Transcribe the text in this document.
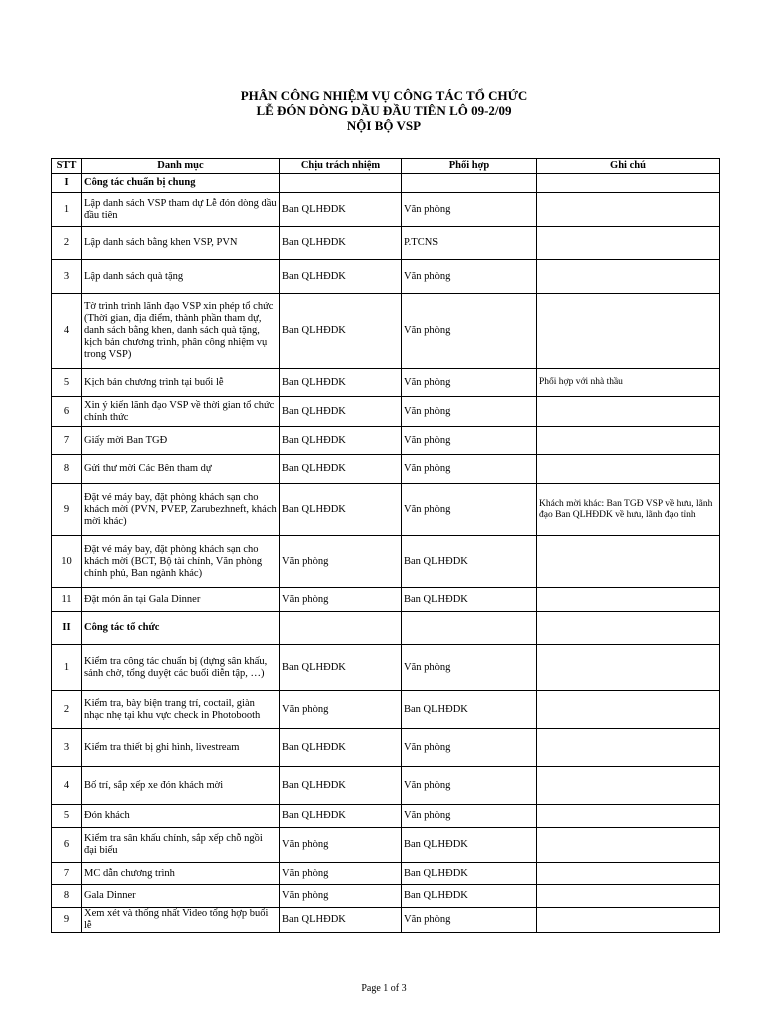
PHÂN CÔNG NHIỆM VỤ CÔNG TÁC TỔ CHỨC
LỄ ĐÓN DÒNG DẦU ĐẦU TIÊN LÔ 09-2/09
NỘI BỘ VSP
STT	Danh mục	Chịu trách nhiệm	Phối hợp	Ghi chú
I	Công tác chuẩn bị chung			
1	Lập danh sách VSP tham dự Lễ đón dòng dầu đầu tiên	Ban QLHĐDK	Văn phòng	
2	Lập danh sách bằng khen VSP, PVN	Ban QLHĐDK	P.TCNS	
3	Lập danh sách quà tặng	Ban QLHĐDK	Văn phòng	
4	Tờ trình trình lãnh đạo VSP xin phép tổ chức (Thời gian, địa điểm, thành phần tham dự, danh sách bằng khen, danh sách quà tặng, kịch bản chương trình, phân công nhiệm vụ trong VSP)	Ban QLHĐDK	Văn phòng	
5	Kịch bản chương trình tại buổi lễ	Ban QLHĐDK	Văn phòng	Phối hợp với nhà thầu
6	Xin ý kiến lãnh đạo VSP về thời gian tổ chức chính thức	Ban QLHĐDK	Văn phòng	
7	Giấy mời Ban TGĐ	Ban QLHĐDK	Văn phòng	
8	Gửi thư mời Các Bên tham dự	Ban QLHĐDK	Văn phòng	
9	Đặt vé máy bay, đặt phòng khách sạn cho khách mời (PVN, PVEP, Zarubezhneft, khách mời khác)	Ban QLHĐDK	Văn phòng	Khách mời khác: Ban TGĐ VSP về hưu, lãnh đạo Ban QLHĐDK về hưu, lãnh đạo tỉnh
10	Đặt vé máy bay, đặt phòng khách sạn cho khách mời (BCT, Bộ tài chính, Văn phòng chính phủ, Ban ngành khác)	Văn phòng	Ban QLHĐDK	
11	Đặt món ăn tại Gala Dinner	Văn phòng	Ban QLHĐDK	
II	Công tác tổ chức			
1	Kiểm tra công tác chuẩn bị (dựng sân khấu, sảnh chờ, tổng duyệt các buổi diễn tập, …)	Ban QLHĐDK	Văn phòng	
2	Kiểm tra, bày biện trang trí, coctail, giàn nhạc nhẹ tại khu vực check in Photobooth	Văn phòng	Ban QLHĐDK	
3	Kiểm tra thiết bị ghi hình, livestream	Ban QLHĐDK	Văn phòng	
4	Bố trí, sắp xếp xe đón khách mời	Ban QLHĐDK	Văn phòng	
5	Đón khách	Ban QLHĐDK	Văn phòng	
6	Kiểm tra sân khấu chính, sắp xếp chỗ ngồi đại biểu	Văn phòng	Ban QLHĐDK	
7	MC dẫn chương trình	Văn phòng	Ban QLHĐDK	
8	Gala Dinner	Văn phòng	Ban QLHĐDK	
9	Xem xét và thống nhất Video tổng hợp buổi lễ	Ban QLHĐDK	Văn phòng	
Page 1 of 3
